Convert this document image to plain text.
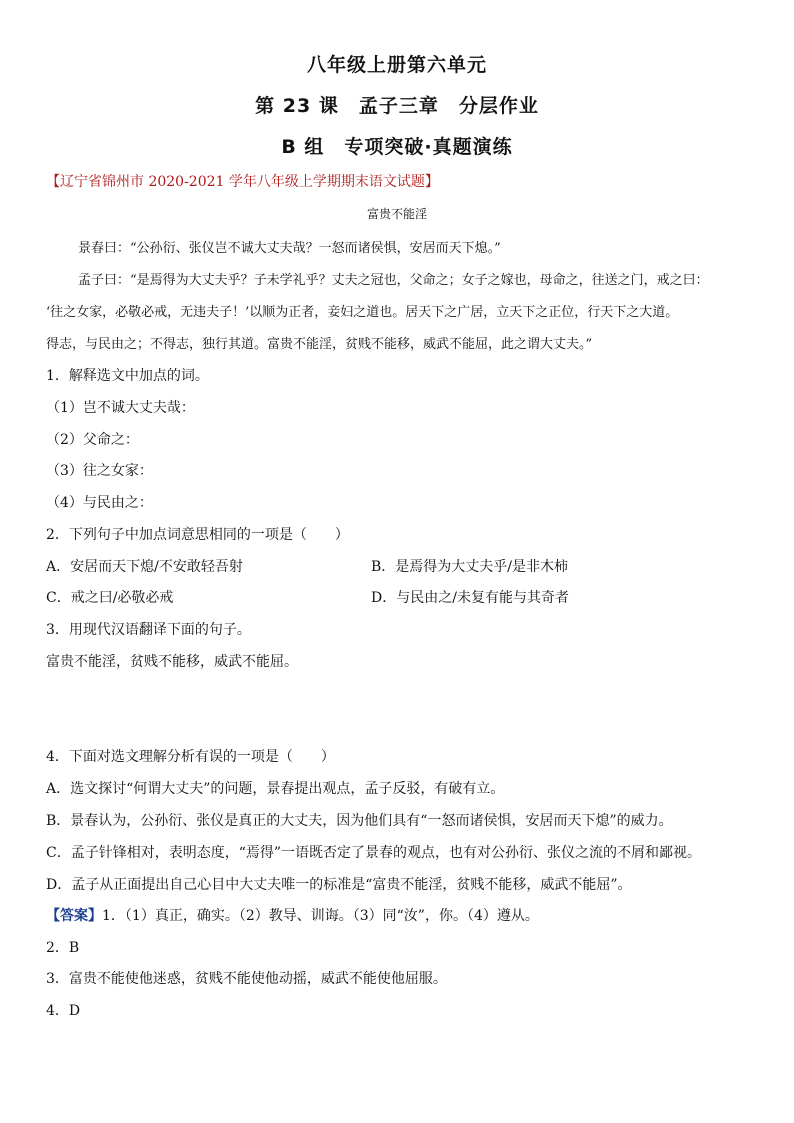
八年级上册第六单元
第 23 课　孟子三章　分层作业
B 组　专项突破·真题演练
【辽宁省锦州市 2020-2021 学年八年级上学期期末语文试题】
富贵不能淫
景春曰：“公孙衍、张仪岂不诚大丈夫哉？一怒而诸侯惧，安居而天下熄。”
孟子曰：“是焉得为大丈夫乎？子未学礼乎？丈夫之冠也，父命之；女子之嫁也，母命之，往送之门，戒之曰：
‘往之女家，必敬必戒，无违夫子！’以顺为正者，妾妇之道也。居天下之广居，立天下之正位，行天下之大道。
得志，与民由之；不得志，独行其道。富贵不能淫，贫贱不能移，威武不能屈，此之谓大丈夫。”
1．解释选文中加点的词。
（1）岂不诚大丈夫哉：
（2）父命之：
（3）往之女家：
（4）与民由之：
2．下列句子中加点词意思相同的一项是（　　）
A．安居而天下熄/不安敢轻吾射	B．是焉得为大丈夫乎/是非木柿
C．戒之曰/必敬必戒	D．与民由之/未复有能与其奇者
3．用现代汉语翻译下面的句子。
富贵不能淫，贫贱不能移，威武不能屈。
4．下面对选文理解分析有误的一项是（　　）
A．选文探讨“何谓大丈夫”的问题，景春提出观点，孟子反驳，有破有立。
B．景春认为，公孙衍、张仪是真正的大丈夫，因为他们具有“一怒而诸侯惧，安居而天下熄”的威力。
C．孟子针锋相对，表明态度，“焉得”一语既否定了景春的观点，也有对公孙衍、张仪之流的不屑和鄙视。
D．孟子从正面提出自己心目中大丈夫唯一的标准是“富贵不能淫，贫贱不能移，威武不能屈”。
【答案】1．（1）真正，确实。（2）教导、训诲。（3）同“汝”，你。（4）遵从。
2．B
3．富贵不能使他迷惑，贫贱不能使他动摇，威武不能使他屈服。
4．D
